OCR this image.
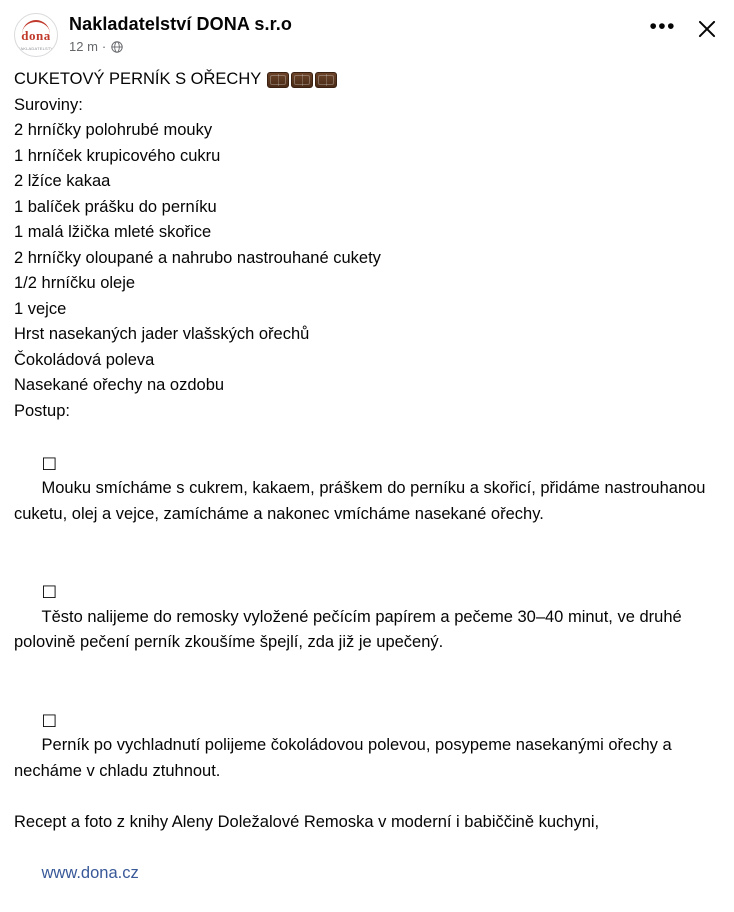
dona
NAKLADATELSTVÍ
Nakladatelství DONA s.r.o
12 m ·
•••
CUKETOVÝ PERNÍK S OŘECHY
Suroviny:
2 hrníčky polohrubé mouky
1 hrníček krupicového cukru
2 lžíce kakaa
1 balíček prášku do perníku
1 malá lžička mleté skořice
2 hrníčky oloupané a nahrubo nastrouhané cukety
1/2 hrníčku oleje
1 vejce
Hrst nasekaných jader vlašských ořechů
Čokoládová poleva
Nasekané ořechy na ozdobu
Postup:

□
Mouku smícháme s cukrem, kakaem, práškem do perníku a skořicí, přidáme nastrouhanou cuketu, olej a vejce, zamícháme a nakonec vmícháme nasekané ořechy.

□
Těsto nalijeme do remosky vyložené pečícím papírem a pečeme 30–40 minut, ve druhé polovině pečení perník zkoušíme špejlí, zda již je upečený.

□
Perník po vychladnutí polijeme čokoládovou polevou, posypeme nasekanými ořechy a necháme v chladu ztuhnout.

Recept a foto z knihy Aleny Doležalové Remoska v moderní i babiččině kuchyni,

www.dona.cz
